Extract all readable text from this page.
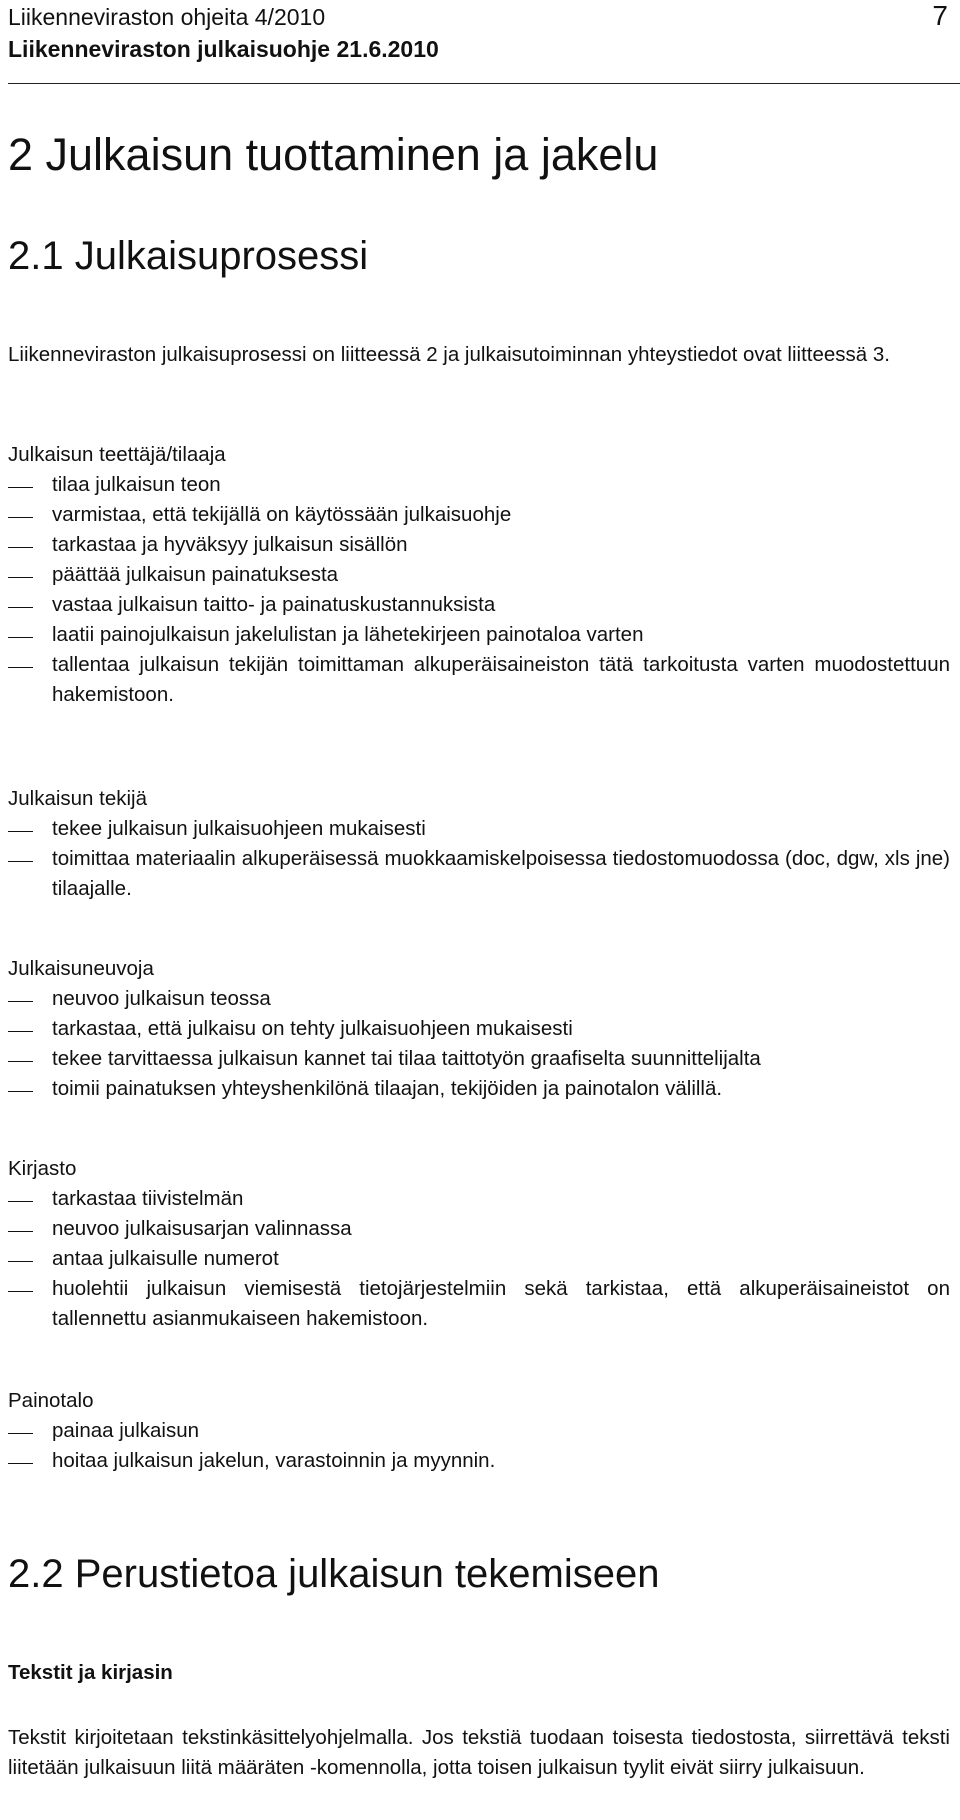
Liikenneviraston ohjeita 4/2010
Liikenneviraston julkaisuohje 21.6.2010
7
2 Julkaisun tuottaminen ja jakelu
2.1 Julkaisuprosessi
Liikenneviraston julkaisuprosessi on liitteessä 2 ja julkaisutoiminnan yhteystiedot ovat liitteessä 3.
Julkaisun teettäjä/tilaaja
tilaa julkaisun teon
varmistaa, että tekijällä on käytössään julkaisuohje
tarkastaa ja hyväksyy julkaisun sisällön
päättää julkaisun painatuksesta
vastaa julkaisun taitto- ja painatuskustannuksista
laatii painojulkaisun jakelulistan ja lähetekirjeen painotaloa varten
tallentaa julkaisun tekijän toimittaman alkuperäisaineiston tätä tarkoitusta varten muodostettuun hakemistoon.
Julkaisun tekijä
tekee julkaisun julkaisuohjeen mukaisesti
toimittaa materiaalin alkuperäisessä muokkaamiskelpoisessa tiedostomuodossa (doc, dgw, xls jne) tilaajalle.
Julkaisuneuvoja
neuvoo julkaisun teossa
tarkastaa, että julkaisu on tehty julkaisuohjeen mukaisesti
tekee tarvittaessa julkaisun kannet tai tilaa taittotyön graafiselta suunnittelijalta
toimii painatuksen yhteyshenkilönä tilaajan, tekijöiden ja painotalon välillä.
Kirjasto
tarkastaa tiivistelmän
neuvoo julkaisusarjan valinnassa
antaa julkaisulle numerot
huolehtii julkaisun viemisestä tietojärjestelmiin sekä tarkistaa, että alkuperäisaineistot on tallennettu asianmukaiseen hakemistoon.
Painotalo
painaa julkaisun
hoitaa julkaisun jakelun, varastoinnin ja myynnin.
2.2 Perustietoa julkaisun tekemiseen
Tekstit ja kirjasin
Tekstit kirjoitetaan tekstinkäsittelyohjelmalla. Jos tekstiä tuodaan toisesta tiedostosta, siirrettävä teksti liitetään julkaisuun liitä määräten -komennolla, jotta toisen julkaisun tyylit eivät siirry julkaisuun.
